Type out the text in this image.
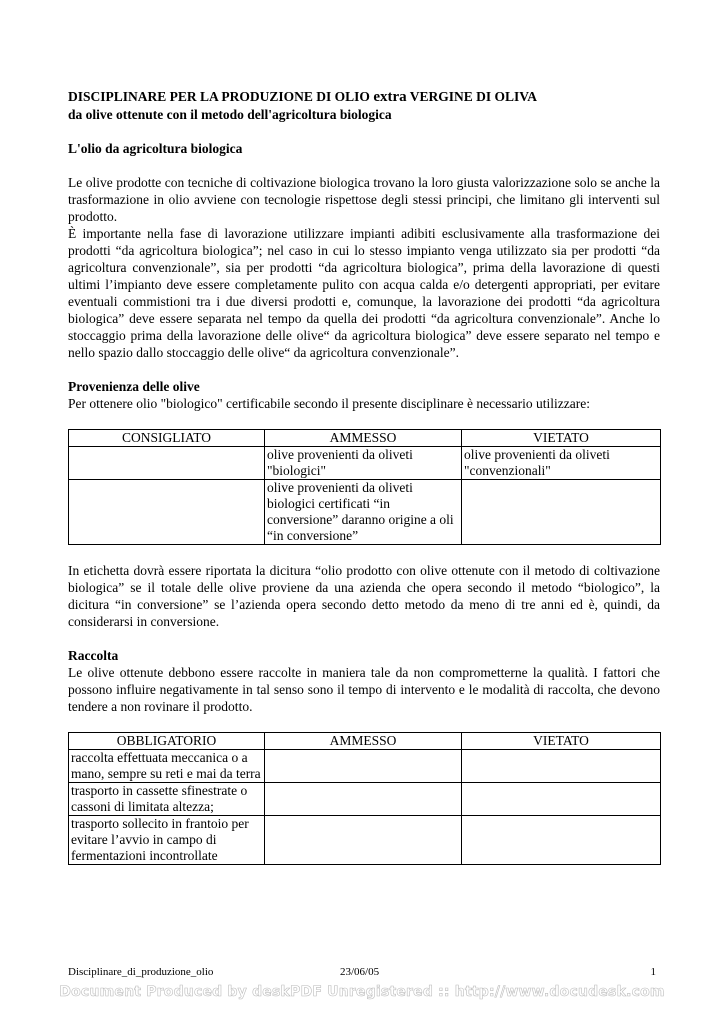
DISCIPLINARE PER LA PRODUZIONE DI OLIO extra VERGINE DI OLIVA
da olive ottenute con il metodo dell'agricoltura biologica
L'olio da agricoltura biologica

Le olive prodotte con tecniche di coltivazione biologica trovano la loro giusta valorizzazione solo se anche la trasformazione in olio avviene con tecnologie rispettose degli stessi principi, che limitano gli interventi sul prodotto.

È importante nella fase di lavorazione utilizzare impianti adibiti esclusivamente alla trasformazione dei prodotti “da agricoltura biologica”; nel caso in cui lo stesso impianto venga utilizzato sia per prodotti “da agricoltura convenzionale”, sia per prodotti “da agricoltura biologica”, prima della lavorazione di questi ultimi l’impianto deve essere completamente pulito con acqua calda e/o detergenti appropriati, per evitare eventuali commistioni tra i due diversi prodotti e, comunque, la lavorazione dei prodotti “da agricoltura biologica” deve essere separata nel tempo da quella dei prodotti “da agricoltura convenzionale”. Anche lo stoccaggio prima della lavorazione delle olive“ da agricoltura biologica” deve essere separato nel tempo e nello spazio dallo stoccaggio delle olive“ da agricoltura convenzionale”.

Provenienza delle olive

Per ottenere olio "biologico" certificabile secondo il presente disciplinare è necessario utilizzare:

CONSIGLIATO	AMMESSO	VIETATO
	olive provenienti da oliveti "biologici"	olive provenienti da oliveti "convenzionali"
	olive provenienti da oliveti biologici certificati “in conversione” daranno origine a oli “in conversione”	

In etichetta dovrà essere riportata la dicitura “olio prodotto con olive ottenute con il metodo di coltivazione biologica” se il totale delle olive proviene da una azienda che opera secondo il metodo “biologico”, la dicitura “in conversione” se l’azienda opera secondo detto metodo da meno di tre anni ed è, quindi, da considerarsi in conversione.

Raccolta

Le olive ottenute debbono essere raccolte in maniera tale da non comprometterne la qualità. I fattori che possono influire negativamente in tal senso sono il tempo di intervento e le modalità di raccolta, che devono tendere a non rovinare il prodotto.

OBBLIGATORIO	AMMESSO	VIETATO
raccolta effettuata meccanica o a mano, sempre su reti e mai da terra		
trasporto in cassette sfinestrate o cassoni di limitata altezza;		
trasporto sollecito in frantoio per evitare l’avvio in campo di fermentazioni incontrollate		
Disciplinare_di_produzione_olio	23/06/05	1
Document Produced by deskPDF Unregistered :: http://www.docudesk.com
